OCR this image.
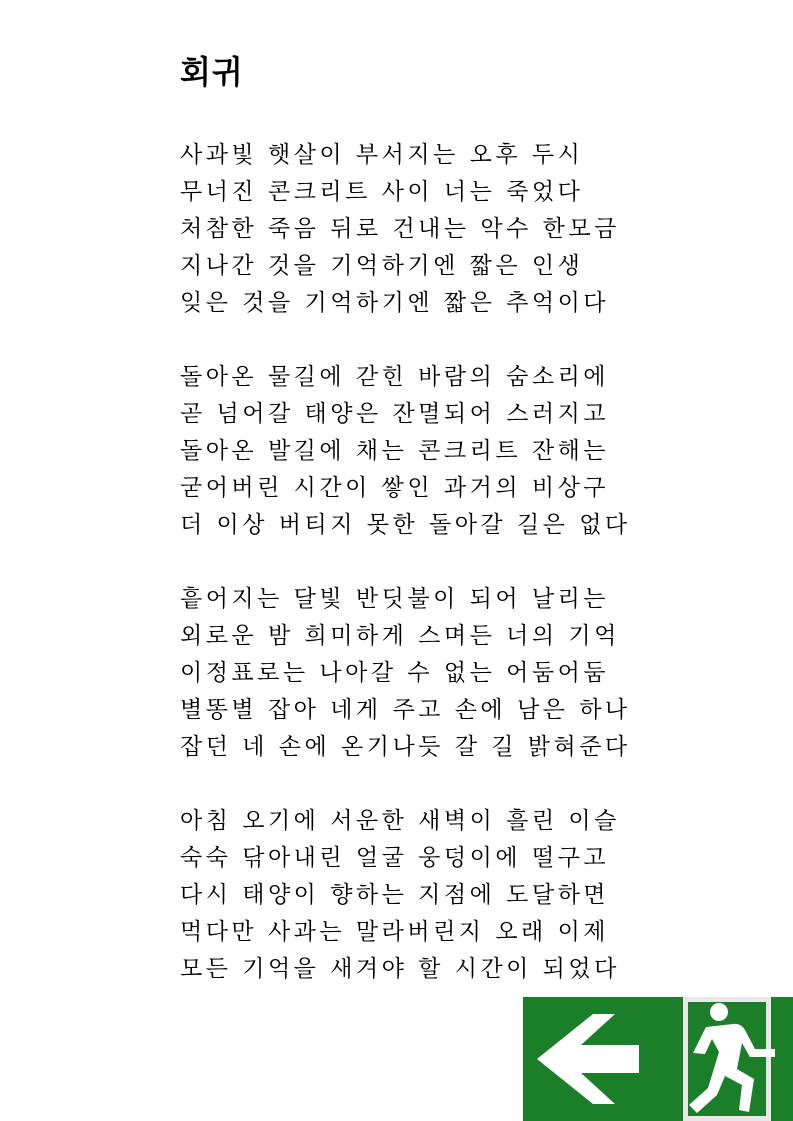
회귀
사과빛 햇살이 부서지는 오후 두시
무너진 콘크리트 사이 너는 죽었다
처참한 죽음 뒤로 건내는 악수 한모금
지나간 것을 기억하기엔 짧은 인생
잊은 것을 기억하기엔 짧은 추억이다
돌아온 물길에 갇힌 바람의 숨소리에
곧 넘어갈 태양은 잔멸되어 스러지고
돌아온 발길에 채는 콘크리트 잔해는
굳어버린 시간이 쌓인 과거의 비상구
더 이상 버티지 못한 돌아갈 길은 없다
흩어지는 달빛 반딧불이 되어 날리는
외로운 밤 희미하게 스며든 너의 기억
이정표로는 나아갈 수 없는 어둠어둠
별똥별 잡아 네게 주고 손에 남은 하나
잡던 네 손에 온기나듯 갈 길 밝혀준다
아침 오기에 서운한 새벽이 흘린 이슬
숙숙 닦아내린 얼굴 웅덩이에 떨구고
다시 태양이 향하는 지점에 도달하면
먹다만 사과는 말라버린지 오래 이제
모든 기억을 새겨야 할 시간이 되었다
